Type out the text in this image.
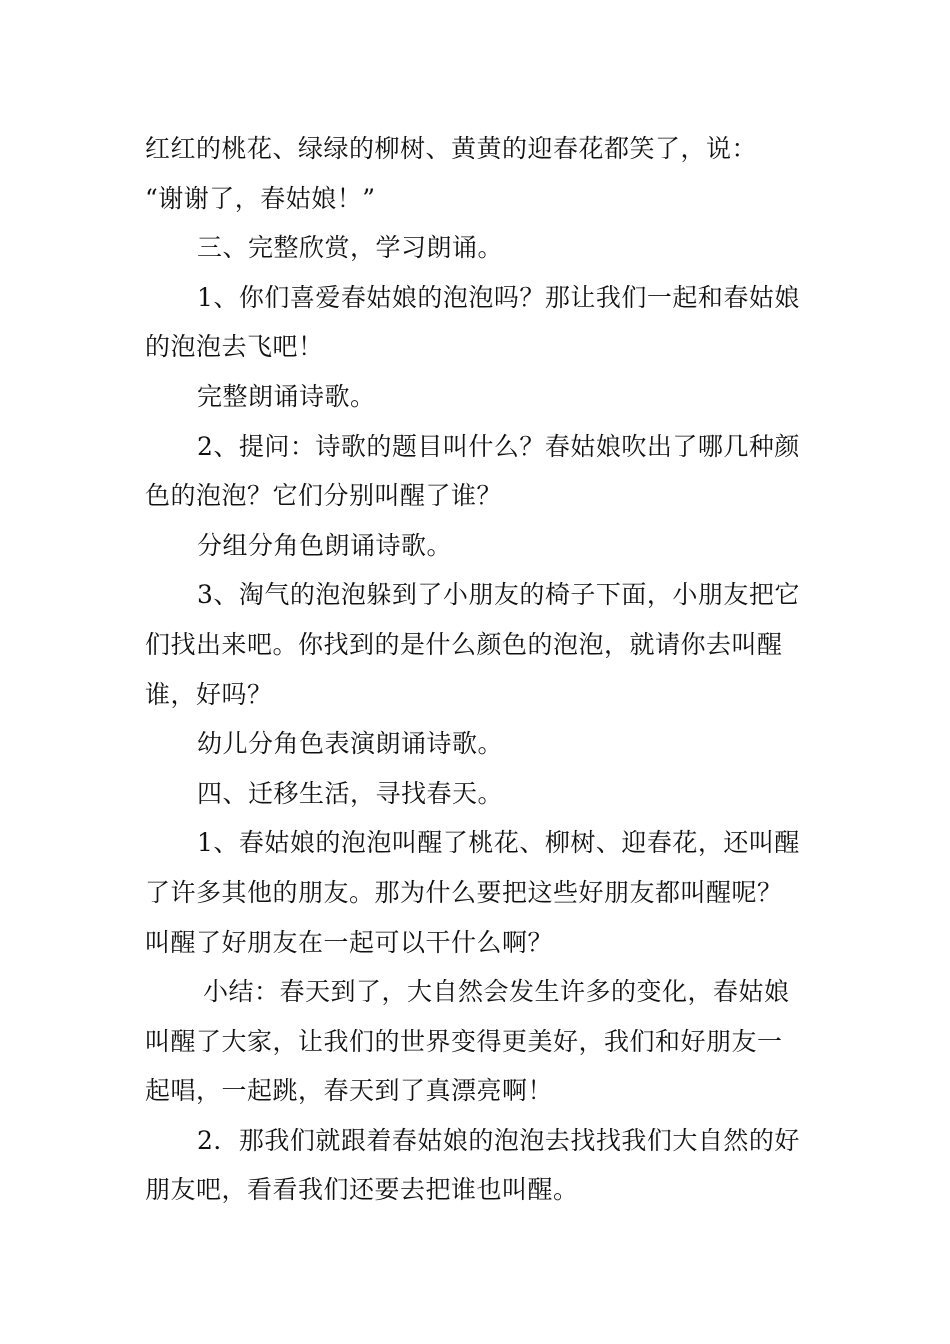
红红的桃花、绿绿的柳树、黄黄的迎春花都笑了，说：
“谢谢了，春姑娘！”
三、完整欣赏，学习朗诵。
1、你们喜爱春姑娘的泡泡吗？那让我们一起和春姑娘
的泡泡去飞吧！
完整朗诵诗歌。
2、提问：诗歌的题目叫什么？春姑娘吹出了哪几种颜
色的泡泡？它们分别叫醒了谁？
分组分角色朗诵诗歌。
3、淘气的泡泡躲到了小朋友的椅子下面，小朋友把它
们找出来吧。你找到的是什么颜色的泡泡，就请你去叫醒
谁，好吗？
幼儿分角色表演朗诵诗歌。
四、迁移生活，寻找春天。
1、春姑娘的泡泡叫醒了桃花、柳树、迎春花，还叫醒
了许多其他的朋友。那为什么要把这些好朋友都叫醒呢？
叫醒了好朋友在一起可以干什么啊？
小结：春天到了，大自然会发生许多的变化，春姑娘
叫醒了大家，让我们的世界变得更美好，我们和好朋友一
起唱，一起跳，春天到了真漂亮啊！
2．那我们就跟着春姑娘的泡泡去找找我们大自然的好
朋友吧，看看我们还要去把谁也叫醒。
